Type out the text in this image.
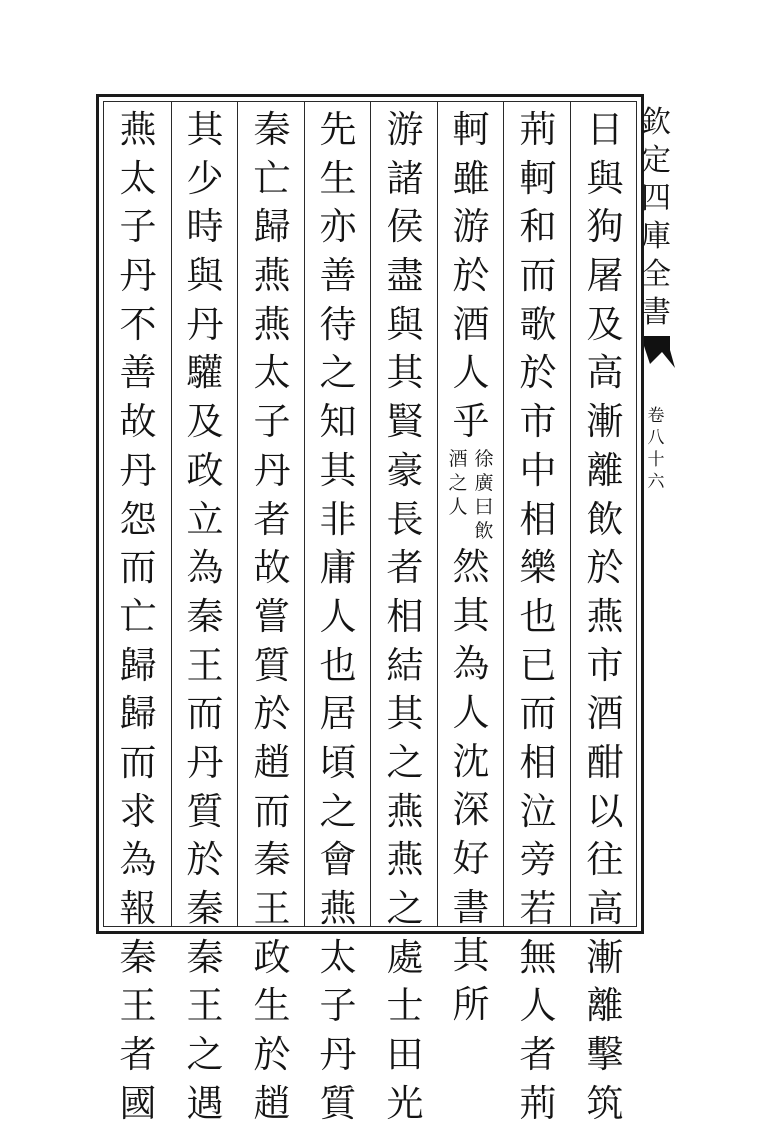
日
與
狗
屠
及
高
漸
離
飲
於
燕
市
酒
酣
以
往
高
漸
離
擊
筑
荊
軻
和
而
歌
於
市
中
相
樂
也
已
而
相
泣
旁
若
無
人
者
荊
軻
雖
游
於
酒
人
乎
酒
之
人
徐
廣
曰
飲
然
其
為
人
沈
深
好
書
其
所
游
諸
侯
盡
與
其
賢
豪
長
者
相
結
其
之
燕
燕
之
處
士
田
光
先
生
亦
善
待
之
知
其
非
庸
人
也
居
頃
之
會
燕
太
子
丹
質
秦
亡
歸
燕
燕
太
子
丹
者
故
嘗
質
於
趙
而
秦
王
政
生
於
趙
其
少
時
與
丹
驩
及
政
立
為
秦
王
而
丹
質
於
秦
秦
王
之
遇
燕
太
子
丹
不
善
故
丹
怨
而
亡
歸
歸
而
求
為
報
秦
王
者
國
欽
定
四
庫
全
書
卷
八
十
六
